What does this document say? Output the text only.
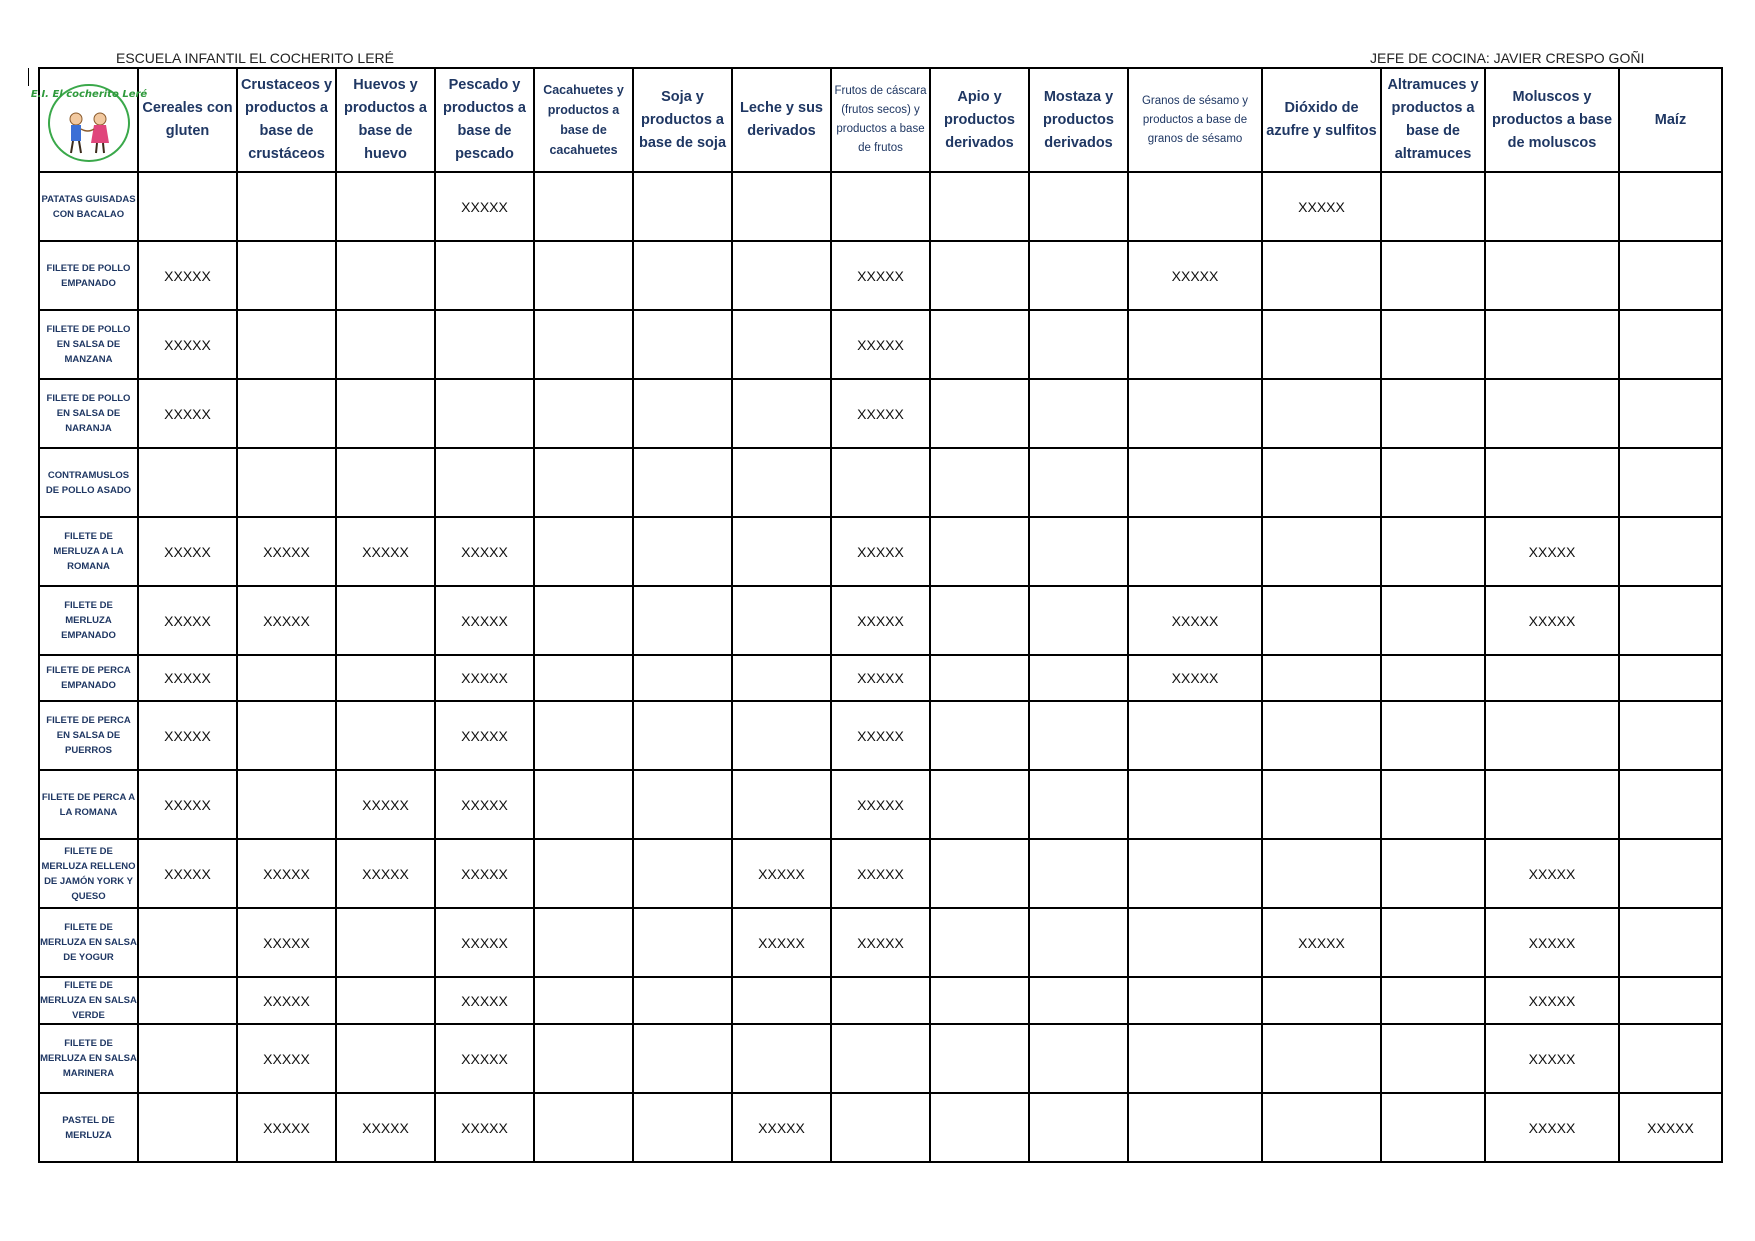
ESCUELA INFANTIL EL COCHERITO LERÉ	JEFE DE COCINA: JAVIER CRESPO GOÑI
E.I. El cocherito Leré	Cereales con gluten	Crustaceos y productos a base de crustáceos	Huevos y productos a base de huevo	Pescado y productos a base de pescado	Cacahuetes y productos a base de cacahuetes	Soja y productos a base de soja	Leche y sus derivados	Frutos de cáscara (frutos secos) y productos a base de frutos	Apio y productos derivados	Mostaza y productos derivados	Granos de sésamo y productos a base de granos de sésamo	Dióxido de azufre y sulfitos	Altramuces y productos a base de altramuces	Moluscos y productos a base de moluscos	Maíz
PATATAS GUISADAS CON BACALAO				XXXXX								XXXXX			
FILETE DE POLLO EMPANADO	XXXXX							XXXXX			XXXXX				
FILETE DE POLLO EN SALSA DE MANZANA	XXXXX							XXXXX							
FILETE DE POLLO EN SALSA DE NARANJA	XXXXX							XXXXX							
CONTRAMUSLOS DE POLLO ASADO															
FILETE DE MERLUZA A LA ROMANA	XXXXX	XXXXX	XXXXX	XXXXX				XXXXX						XXXXX	
FILETE DE MERLUZA EMPANADO	XXXXX	XXXXX		XXXXX				XXXXX			XXXXX			XXXXX	
FILETE DE PERCA EMPANADO	XXXXX			XXXXX				XXXXX			XXXXX				
FILETE DE PERCA EN SALSA DE PUERROS	XXXXX			XXXXX				XXXXX							
FILETE DE PERCA A LA ROMANA	XXXXX		XXXXX	XXXXX				XXXXX							
FILETE DE MERLUZA RELLENO DE JAMÓN YORK Y QUESO	XXXXX	XXXXX	XXXXX	XXXXX			XXXXX	XXXXX						XXXXX	
FILETE DE MERLUZA EN SALSA DE YOGUR		XXXXX		XXXXX			XXXXX	XXXXX				XXXXX		XXXXX	
FILETE DE MERLUZA EN SALSA VERDE		XXXXX		XXXXX										XXXXX	
FILETE DE MERLUZA EN SALSA MARINERA		XXXXX		XXXXX										XXXXX	
PASTEL DE MERLUZA		XXXXX	XXXXX	XXXXX			XXXXX							XXXXX	XXXXX
